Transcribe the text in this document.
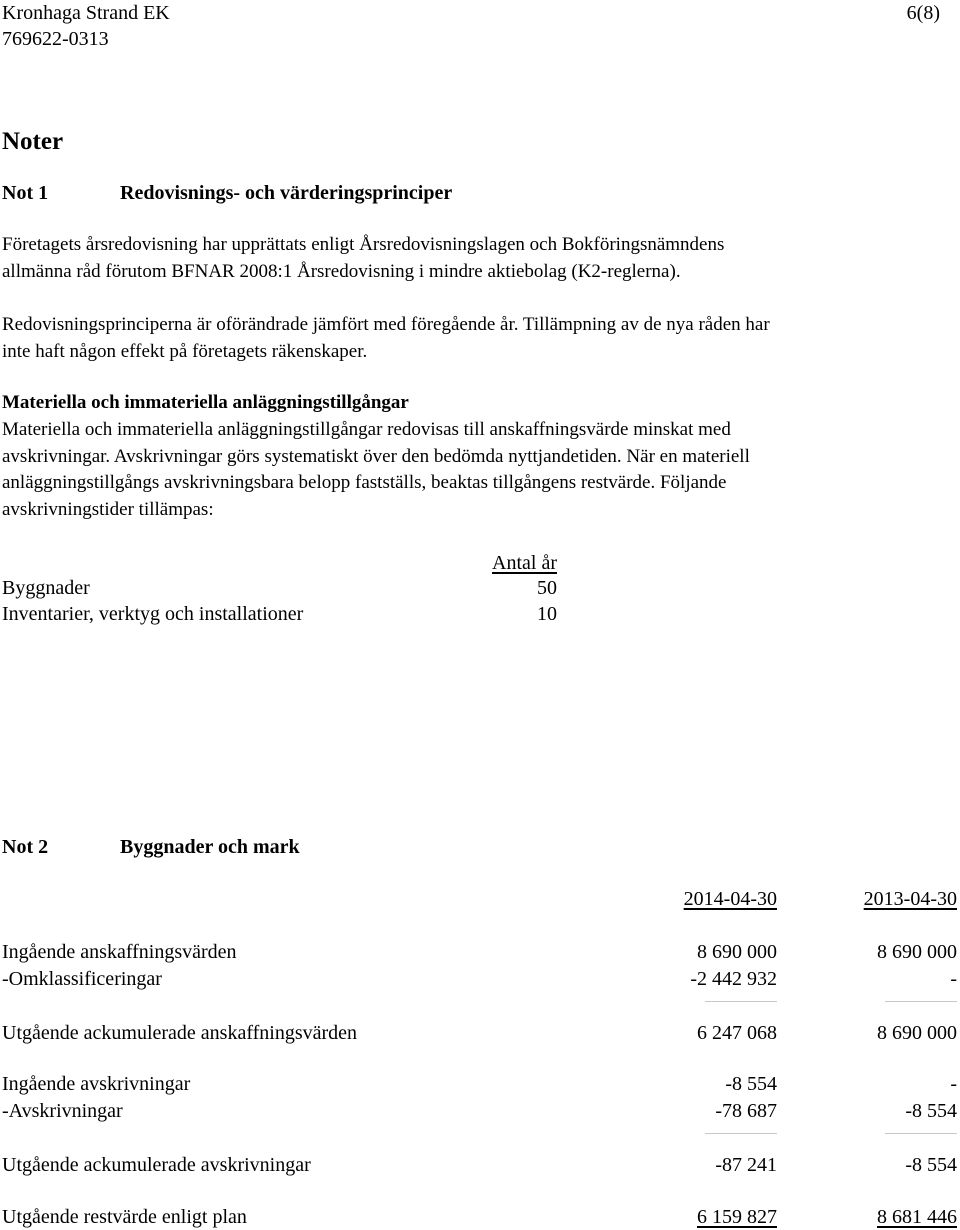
Kronhaga Strand EK	6(8)
769622-0313
Noter
Not 1	Redovisnings- och värderingsprinciper
Företagets årsredovisning har upprättats enligt Årsredovisningslagen och Bokföringsnämndens
allmänna råd förutom BFNAR 2008:1 Årsredovisning i mindre aktiebolag (K2-reglerna).
Redovisningsprinciperna är oförändrade jämfört med föregående år. Tillämpning av de nya råden har
inte haft någon effekt på företagets räkenskaper.
Materiella och immateriella anläggningstillgångar
Materiella och immateriella anläggningstillgångar redovisas till anskaffningsvärde minskat med
avskrivningar. Avskrivningar görs systematiskt över den bedömda nyttjandetiden. När en materiell
anläggningstillgångs avskrivningsbara belopp fastställs, beaktas tillgångens restvärde. Följande
avskrivningstider tillämpas:
Antal år
Byggnader	50
Inventarier, verktyg och installationer	10
Not 2	Byggnader och mark
2014-04-30	2013-04-30
Ingående anskaffningsvärden	8 690 000	8 690 000
-Omklassificeringar	-2 442 932	-
Utgående ackumulerade anskaffningsvärden	6 247 068	8 690 000
Ingående avskrivningar	-8 554	-
-Avskrivningar	-78 687	-8 554
Utgående ackumulerade avskrivningar	-87 241	-8 554
Utgående restvärde enligt plan	6 159 827	8 681 446
